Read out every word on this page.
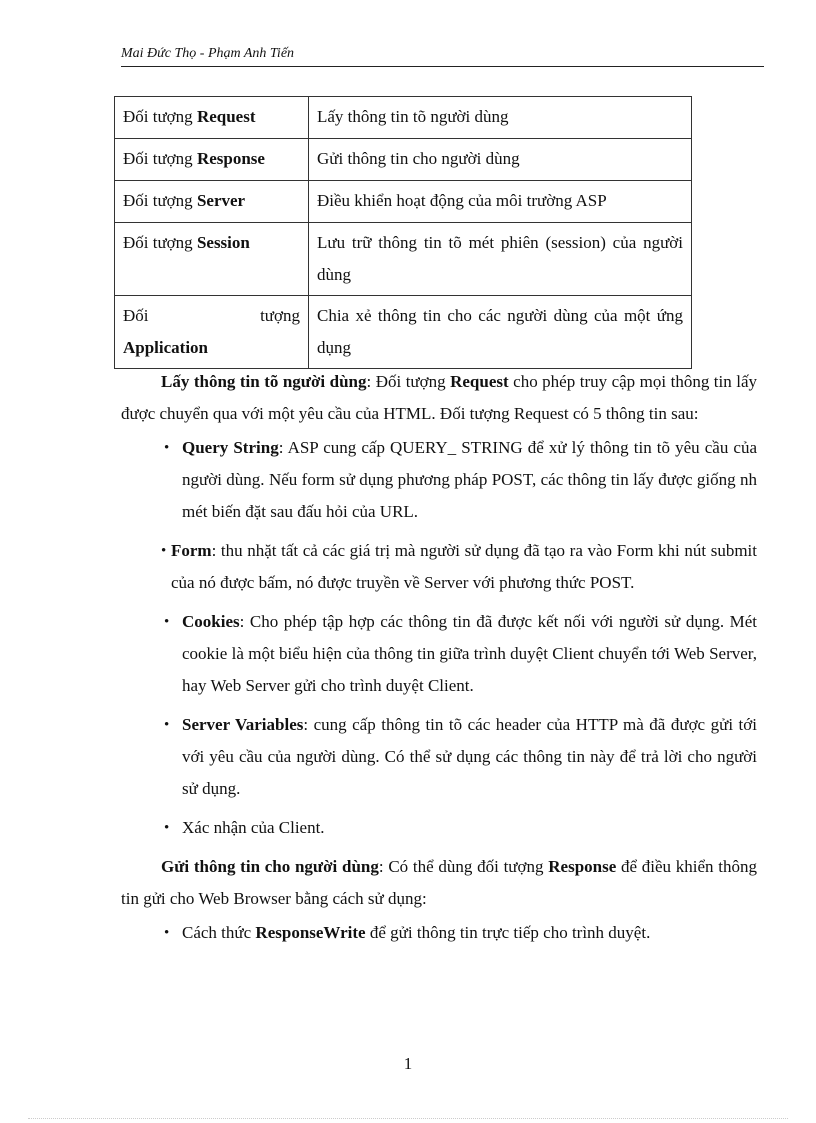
Mai Đức Thọ - Phạm Anh Tiến
Đối tượng Request	Lấy thông tin tõ người dùng
Đối tượng Response	Gửi thông tin cho người dùng
Đối tượng Server	Điều khiển hoạt động của môi trường ASP
Đối tượng Session	Lưu trữ thông tin tõ mét phiên (session) của người dùng

Đối tượng
Application	Chia xẻ thông tin cho các người dùng của một ứng dụng

Lấy thông tin tõ người dùng: Đối tượng Request cho phép truy cập mọi thông tin lấy được chuyển qua với một yêu cầu của HTML. Đối tượng Request có 5 thông tin sau:

• Query String: ASP cung cấp QUERY_ STRING để xử lý thông tin tõ yêu cầu của người dùng. Nếu form sử dụng phương pháp POST, các thông tin lấy được giống nh mét biến đặt sau đấu hỏi của URL.
• Form: thu nhặt tất cả các giá trị mà người sử dụng đã tạo ra vào Form khi nút submit của nó được bấm, nó được truyền về Server với phương thức POST.
• Cookies: Cho phép tập hợp các thông tin đã được kết nối với người sử dụng. Mét cookie là một biểu hiện của thông tin giữa trình duyệt Client chuyển tới Web Server, hay Web Server gửi cho trình duyệt Client.
• Server Variables: cung cấp thông tin tõ các header của HTTP mà đã được gửi tới với yêu cầu của người dùng. Có thể sử dụng các thông tin này để trả lời cho người sử dụng.
• Xác nhận của Client.

Gửi thông tin cho người dùng: Có thể dùng đối tượng Response để điều khiển thông tin gửi cho Web Browser bằng cách sử dụng:

• Cách thức ResponseWrite để gửi thông tin trực tiếp cho trình duyệt.
1
